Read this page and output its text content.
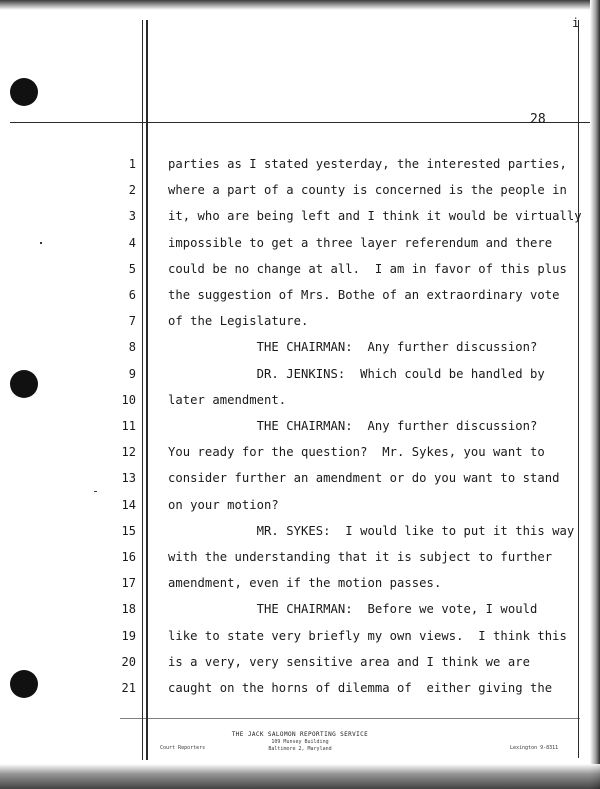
i
28
1	parties as I stated yesterday, the interested parties,
2	where a part of a county is concerned is the people in
3	it, who are being left and I think it would be virtually
4	impossible to get a three layer referendum and there
5	could be no change at all.  I am in favor of this plus
6	the suggestion of Mrs. Bothe of an extraordinary vote
7	of the Legislature.
8	THE CHAIRMAN:  Any further discussion?
9	DR. JENKINS:  Which could be handled by
10	later amendment.
11	THE CHAIRMAN:  Any further discussion?
12	You ready for the question?  Mr. Sykes, you want to
13	consider further an amendment or do you want to stand
14	on your motion?
15	MR. SYKES:  I would like to put it this way
16	with the understanding that it is subject to further
17	amendment, even if the motion passes.
18	THE CHAIRMAN:  Before we vote, I would
19	like to state very briefly my own views.  I think this
20	is a very, very sensitive area and I think we are
21	caught on the horns of dilemma of  either giving the
THE JACK SALOMON REPORTING SERVICE
109 Munsey Building
Baltimore 2, Maryland
Court Reporters	Lexington 9-8311
